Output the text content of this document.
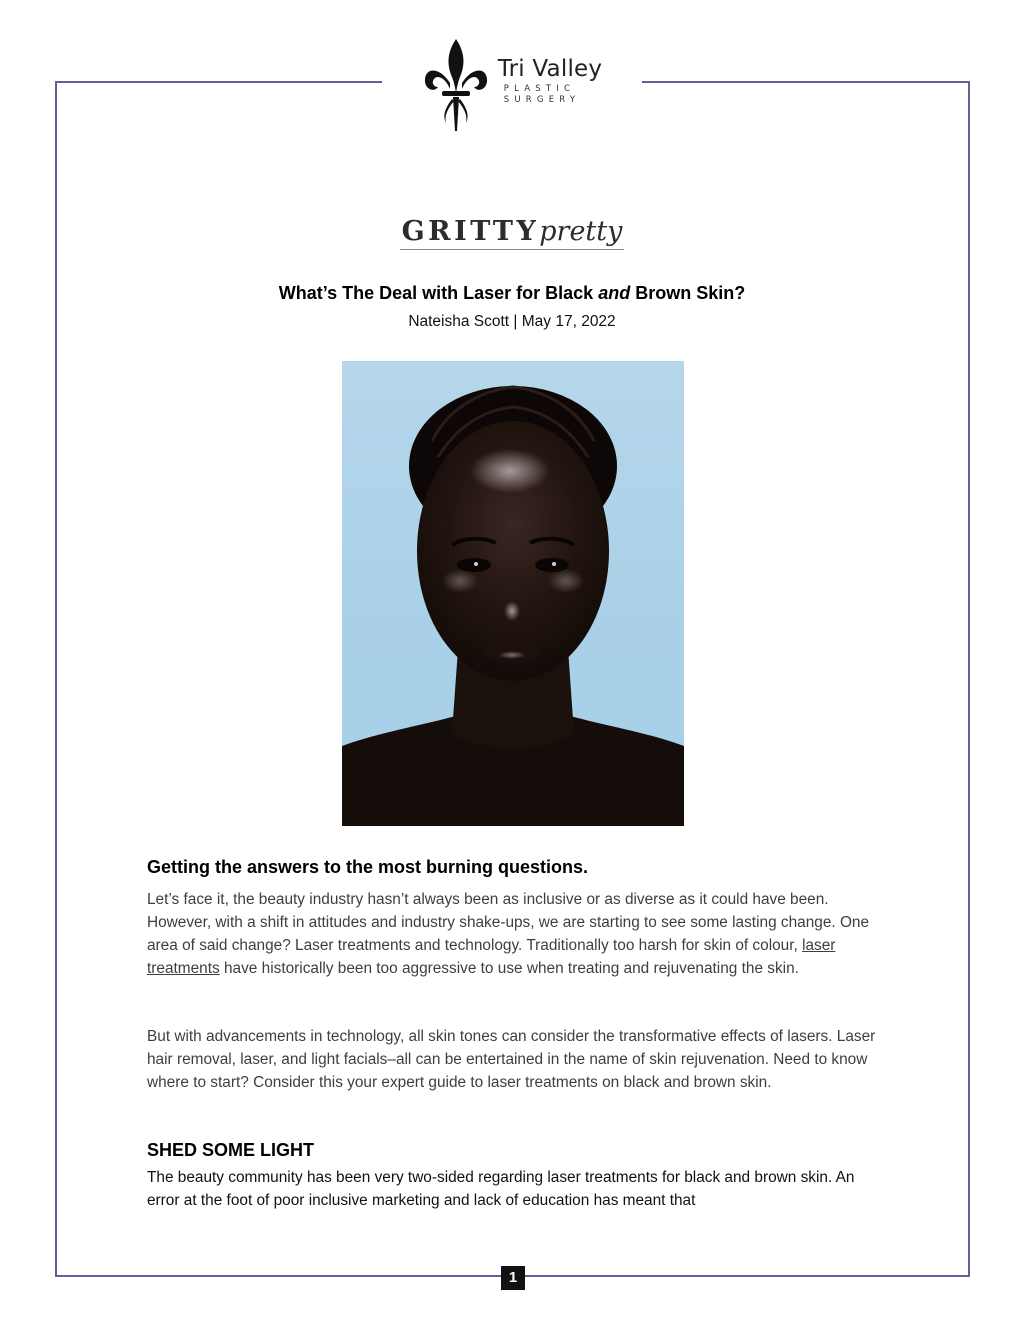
Tri Valley
PLASTIC
SURGERY
GRITTYpretty
What’s The Deal with Laser for Black and Brown Skin?
Nateisha Scott | May 17, 2022
Getting the answers to the most burning questions.
Let’s face it, the beauty industry hasn’t always been as inclusive or as diverse as it could have been. However, with a shift in attitudes and industry shake-ups, we are starting to see some lasting change. One area of said change? Laser treatments and technology. Traditionally too harsh for skin of colour, laser treatments have historically been too aggressive to use when treating and rejuvenating the skin.
But with advancements in technology, all skin tones can consider the transformative effects of lasers. Laser hair removal, laser, and light facials–all can be entertained in the name of skin rejuvenation. Need to know where to start? Consider this your expert guide to laser treatments on black and brown skin.
SHED SOME LIGHT
The beauty community has been very two-sided regarding laser treatments for black and brown skin. An error at the foot of poor inclusive marketing and lack of education has meant that
1
